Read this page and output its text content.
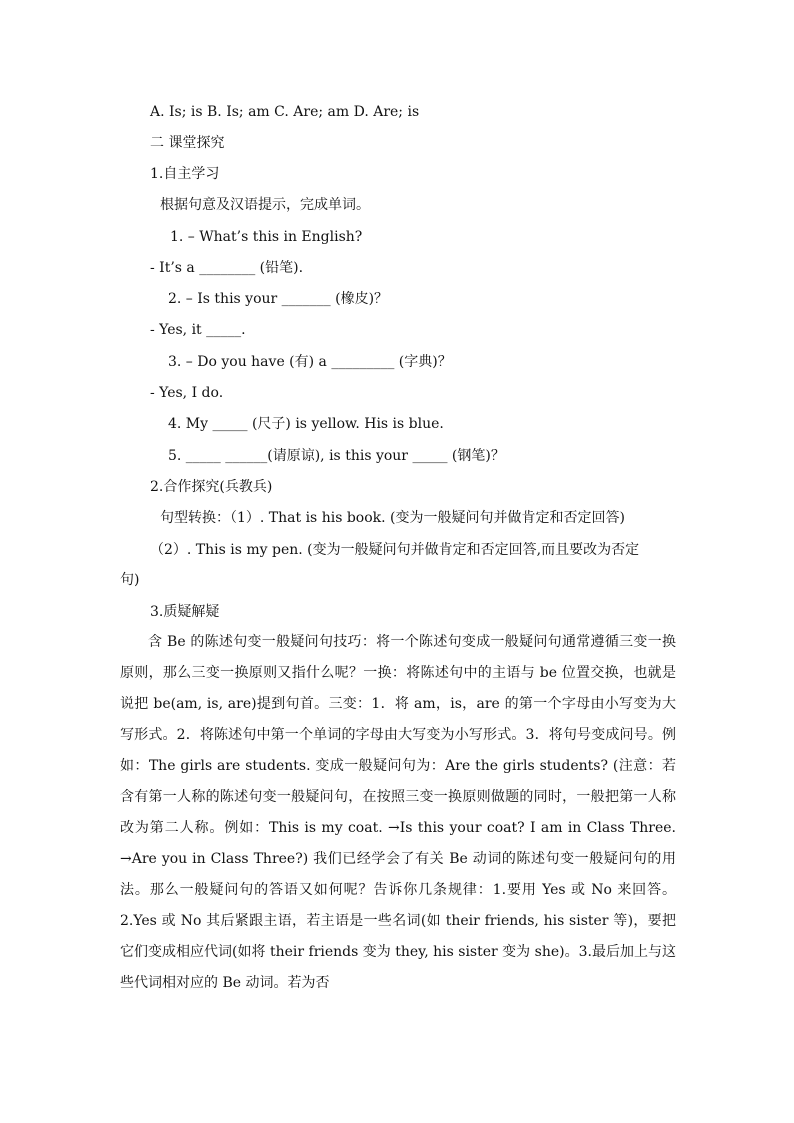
A. Is; is B. Is; am C. Are; am D. Are; is
二 课堂探究
1.自主学习
根据句意及汉语提示，完成单词。
1. – What’s this in English?
- It’s a ________ (铅笔).
2. – Is this your _______ (橡皮)？
- Yes, it _____.
3. – Do you have (有) a _________ (字典)？
- Yes, I do.
4. My _____ (尺子) is yellow. His is blue.
5. _____ ______(请原谅), is this your _____ (钢笔)？
2.合作探究(兵教兵)
句型转换：（1）. That is his book. (变为一般疑问句并做肯定和否定回答)
（2）. This is my pen. (变为一般疑问句并做肯定和否定回答,而且要改为否定
句)
3.质疑解疑
含 Be 的陈述句变一般疑问句技巧：将一个陈述句变成一般疑问句通常遵循三变一换原则，那么三变一换原则又指什么呢？一换：将陈述句中的主语与 be 位置交换，也就是说把 be(am, is, are)提到句首。三变：1．将 am，is，are 的第一个字母由小写变为大写形式。2．将陈述句中第一个单词的字母由大写变为小写形式。3．将句号变成问号。例如：The girls are students. 变成一般疑问句为：Are the girls students? (注意：若含有第一人称的陈述句变一般疑问句，在按照三变一换原则做题的同时，一般把第一人称改为第二人称。例如：This is my coat. →Is this your coat? I am in Class Three. →Are you in Class Three?) 我们已经学会了有关 Be 动词的陈述句变一般疑问句的用法。那么一般疑问句的答语又如何呢？告诉你几条规律：1.要用 Yes 或 No 来回答。2.Yes 或 No 其后紧跟主语，若主语是一些名词(如 their friends, his sister 等)，要把它们变成相应代词(如将 their friends 变为 they, his sister 变为 she)。3.最后加上与这些代词相对应的 Be 动词。若为否
